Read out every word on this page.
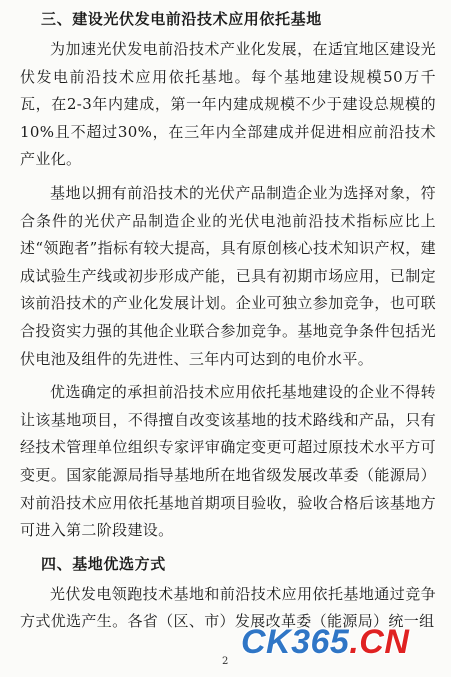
三、建设光伏发电前沿技术应用依托基地

为加速光伏发电前沿技术产业化发展，在适宜地区建设光伏发电前沿技术应用依托基地。每个基地建设规模50万千瓦，在2-3年内建成，第一年内建成规模不少于建设总规模的10%且不超过30%，在三年内全部建成并促进相应前沿技术产业化。

基地以拥有前沿技术的光伏产品制造企业为选择对象，符合条件的光伏产品制造企业的光伏电池前沿技术指标应比上述“领跑者”指标有较大提高，具有原创核心技术知识产权，建成试验生产线或初步形成产能，已具有初期市场应用，已制定该前沿技术的产业化发展计划。企业可独立参加竞争，也可联合投资实力强的其他企业联合参加竞争。基地竞争条件包括光伏电池及组件的先进性、三年内可达到的电价水平。

优选确定的承担前沿技术应用依托基地建设的企业不得转让该基地项目，不得擅自改变该基地的技术路线和产品，只有经技术管理单位组织专家评审确定变更可超过原技术水平方可变更。国家能源局指导基地所在地省级发展改革委（能源局）对前沿技术应用依托基地首期项目验收，验收合格后该基地方可进入第二阶段建设。

四、基地优选方式

光伏发电领跑技术基地和前沿技术应用依托基地通过竞争方式优选产生。各省（区、市）发展改革委（能源局）统一组

2
CK365.CN
